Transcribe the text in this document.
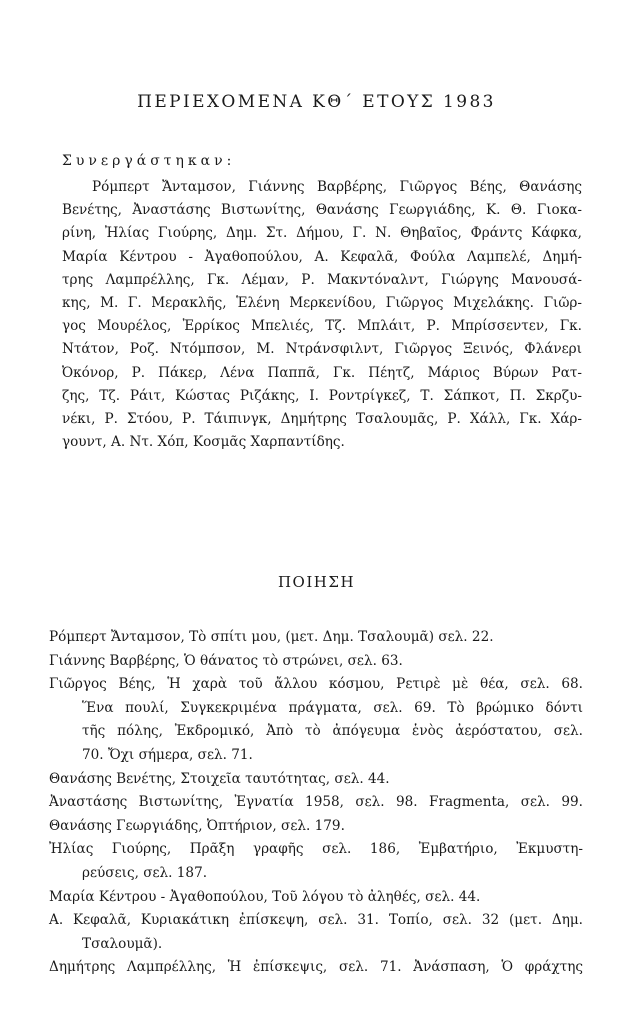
ΠΕΡΙΕΧΟΜΕΝΑ ΚΘ΄ ΕΤΟΥΣ 1983
Συνεργάστηκαν:
Ρόμπερτ Ἄνταμσον, Γιάννης Βαρβέρης, Γιῶργος Βέης, Θανάσης
Βενέτης, Ἀναστάσης Βιστωνίτης, Θανάσης Γεωργιάδης, Κ. Θ. Γιοκα-
ρίνη, Ἠλίας Γιούρης, Δημ. Στ. Δήμου, Γ. Ν. Θηβαῖος, Φράντς Κάφκα,
Μαρία Κέντρου - Ἀγαθοπούλου, Α. Κεφαλᾶ, Φούλα Λαμπελέ, Δημή-
τρης Λαμπρέλλης, Γκ. Λέμαν, Ρ. Μακντόναλντ, Γιώργης Μανουσά-
κης, Μ. Γ. Μερακλῆς, Ἑλένη Μερκενίδου, Γιῶργος Μιχελάκης. Γιῶρ-
γος Μουρέλος, Ἐρρίκος Μπελιές, Τζ. Μπλάιτ, Ρ. Μπρίσσεντεν, Γκ.
Ντάτον, Ροζ. Ντόμπσον, Μ. Ντράνσφιλντ, Γιῶργος Ξεινός, Φλάνερι
Ὀκόνορ, Ρ. Πάκερ, Λένα Παππᾶ, Γκ. Πέητζ, Μάριος Βύρων Ρατ-
ζης, Τζ. Ράιτ, Κώστας Ριζάκης, Ι. Ροντρίγκεζ, Τ. Σάπκοτ, Π. Σκρζυ-
νέκι, Ρ. Στόου, Ρ. Τάιπινγκ, Δημήτρης Τσαλουμᾶς, Ρ. Χάλλ, Γκ. Χάρ-
γουντ, Α. Ντ. Χόπ, Κοσμᾶς Χαρπαντίδης.
ΠΟΙΗΣΗ
Ρόμπερτ Ἄνταμσον, Τὸ σπίτι μου, (μετ. Δημ. Τσαλουμᾶ) σελ. 22.
Γιάννης Βαρβέρης, Ὁ θάνατος τὸ στρώνει, σελ. 63.
Γιῶργος Βέης, Ἡ χαρὰ τοῦ ἄλλου κόσμου, Ρετιρὲ μὲ θέα, σελ. 68.
Ἕνα πουλί, Συγκεκριμένα πράγματα, σελ. 69. Τὸ βρώμικο δόντι
τῆς πόλης, Ἐκδρομικό, Ἀπὸ τὸ ἀπόγευμα ἑνὸς ἀερόστατου, σελ.
70. Ὄχι σήμερα, σελ. 71.
Θανάσης Βενέτης, Στοιχεῖα ταυτότητας, σελ. 44.
Ἀναστάσης Βιστωνίτης, Ἐγνατία 1958, σελ. 98. Fragmenta, σελ. 99.
Θανάσης Γεωργιάδης, Ὀπτήριον, σελ. 179.
Ἠλίας Γιούρης, Πρᾶξη γραφῆς σελ. 186, Ἐμβατήριο, Ἐκμυστη-
ρεύσεις, σελ. 187.
Μαρία Κέντρου - Ἀγαθοπούλου, Τοῦ λόγου τὸ ἀληθές, σελ. 44.
Α. Κεφαλᾶ, Κυριακάτικη ἐπίσκεψη, σελ. 31. Τοπίο, σελ. 32 (μετ. Δημ.
Τσαλουμᾶ).
Δημήτρης Λαμπρέλλης, Ἡ ἐπίσκεψις, σελ. 71. Ἀνάσπαση, Ὁ φράχτης
